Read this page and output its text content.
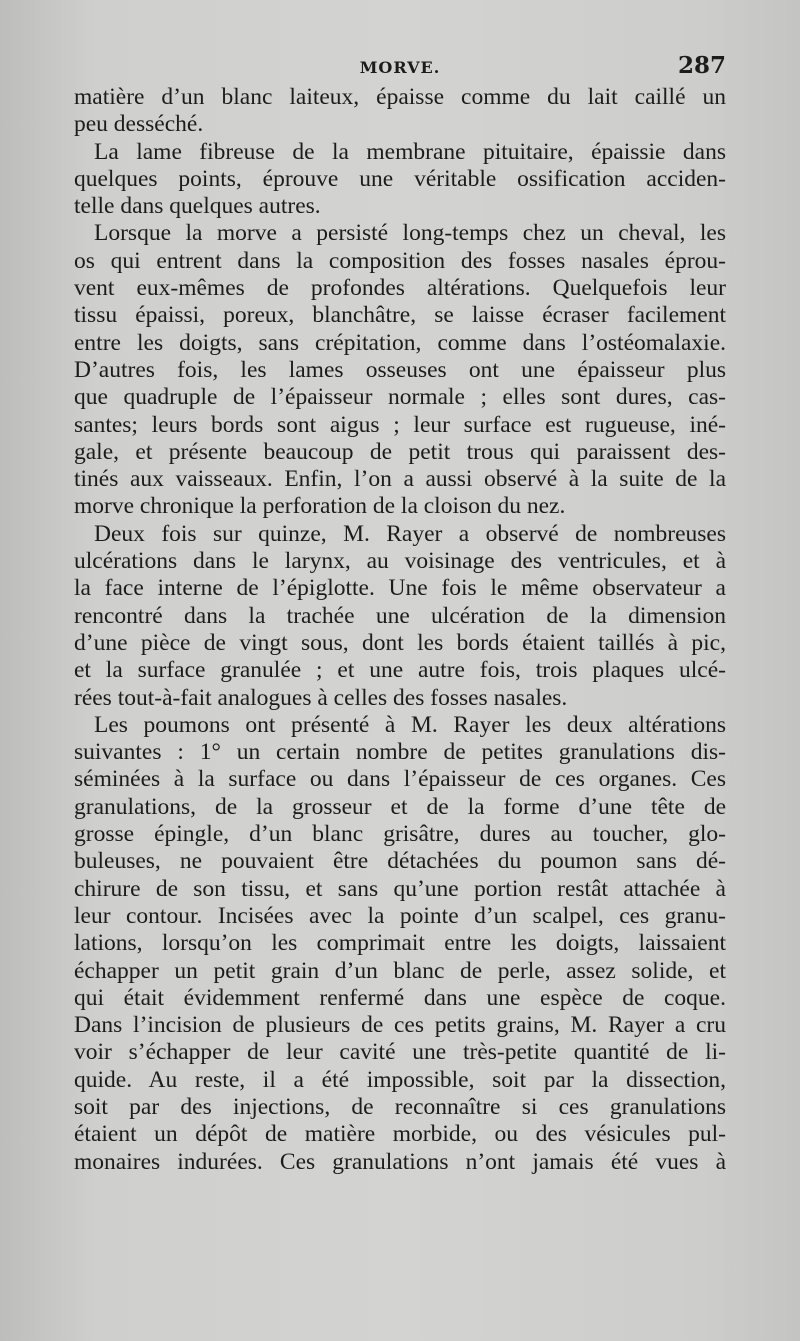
MORVE.	287
matière d’un blanc laiteux, épaisse comme du lait caillé un
peu desséché.
La lame fibreuse de la membrane pituitaire, épaissie dans
quelques points, éprouve une véritable ossification acciden-
telle dans quelques autres.
Lorsque la morve a persisté long-temps chez un cheval, les
os qui entrent dans la composition des fosses nasales éprou-
vent eux-mêmes de profondes altérations. Quelquefois leur
tissu épaissi, poreux, blanchâtre, se laisse écraser facilement
entre les doigts, sans crépitation, comme dans l’ostéomalaxie.
D’autres fois, les lames osseuses ont une épaisseur plus
que quadruple de l’épaisseur normale ; elles sont dures, cas-
santes; leurs bords sont aigus ; leur surface est rugueuse, iné-
gale, et présente beaucoup de petit trous qui paraissent des-
tinés aux vaisseaux. Enfin, l’on a aussi observé à la suite de la
morve chronique la perforation de la cloison du nez.
Deux fois sur quinze, M. Rayer a observé de nombreuses
ulcérations dans le larynx, au voisinage des ventricules, et à
la face interne de l’épiglotte. Une fois le même observateur a
rencontré dans la trachée une ulcération de la dimension
d’une pièce de vingt sous, dont les bords étaient taillés à pic,
et la surface granulée ; et une autre fois, trois plaques ulcé-
rées tout-à-fait analogues à celles des fosses nasales.
Les poumons ont présenté à M. Rayer les deux altérations
suivantes : 1° un certain nombre de petites granulations dis-
séminées à la surface ou dans l’épaisseur de ces organes. Ces
granulations, de la grosseur et de la forme d’une tête de
grosse épingle, d’un blanc grisâtre, dures au toucher, glo-
buleuses, ne pouvaient être détachées du poumon sans dé-
chirure de son tissu, et sans qu’une portion restât attachée à
leur contour. Incisées avec la pointe d’un scalpel, ces granu-
lations, lorsqu’on les comprimait entre les doigts, laissaient
échapper un petit grain d’un blanc de perle, assez solide, et
qui était évidemment renfermé dans une espèce de coque.
Dans l’incision de plusieurs de ces petits grains, M. Rayer a cru
voir s’échapper de leur cavité une très-petite quantité de li-
quide. Au reste, il a été impossible, soit par la dissection,
soit par des injections, de reconnaître si ces granulations
étaient un dépôt de matière morbide, ou des vésicules pul-
monaires indurées. Ces granulations n’ont jamais été vues à
